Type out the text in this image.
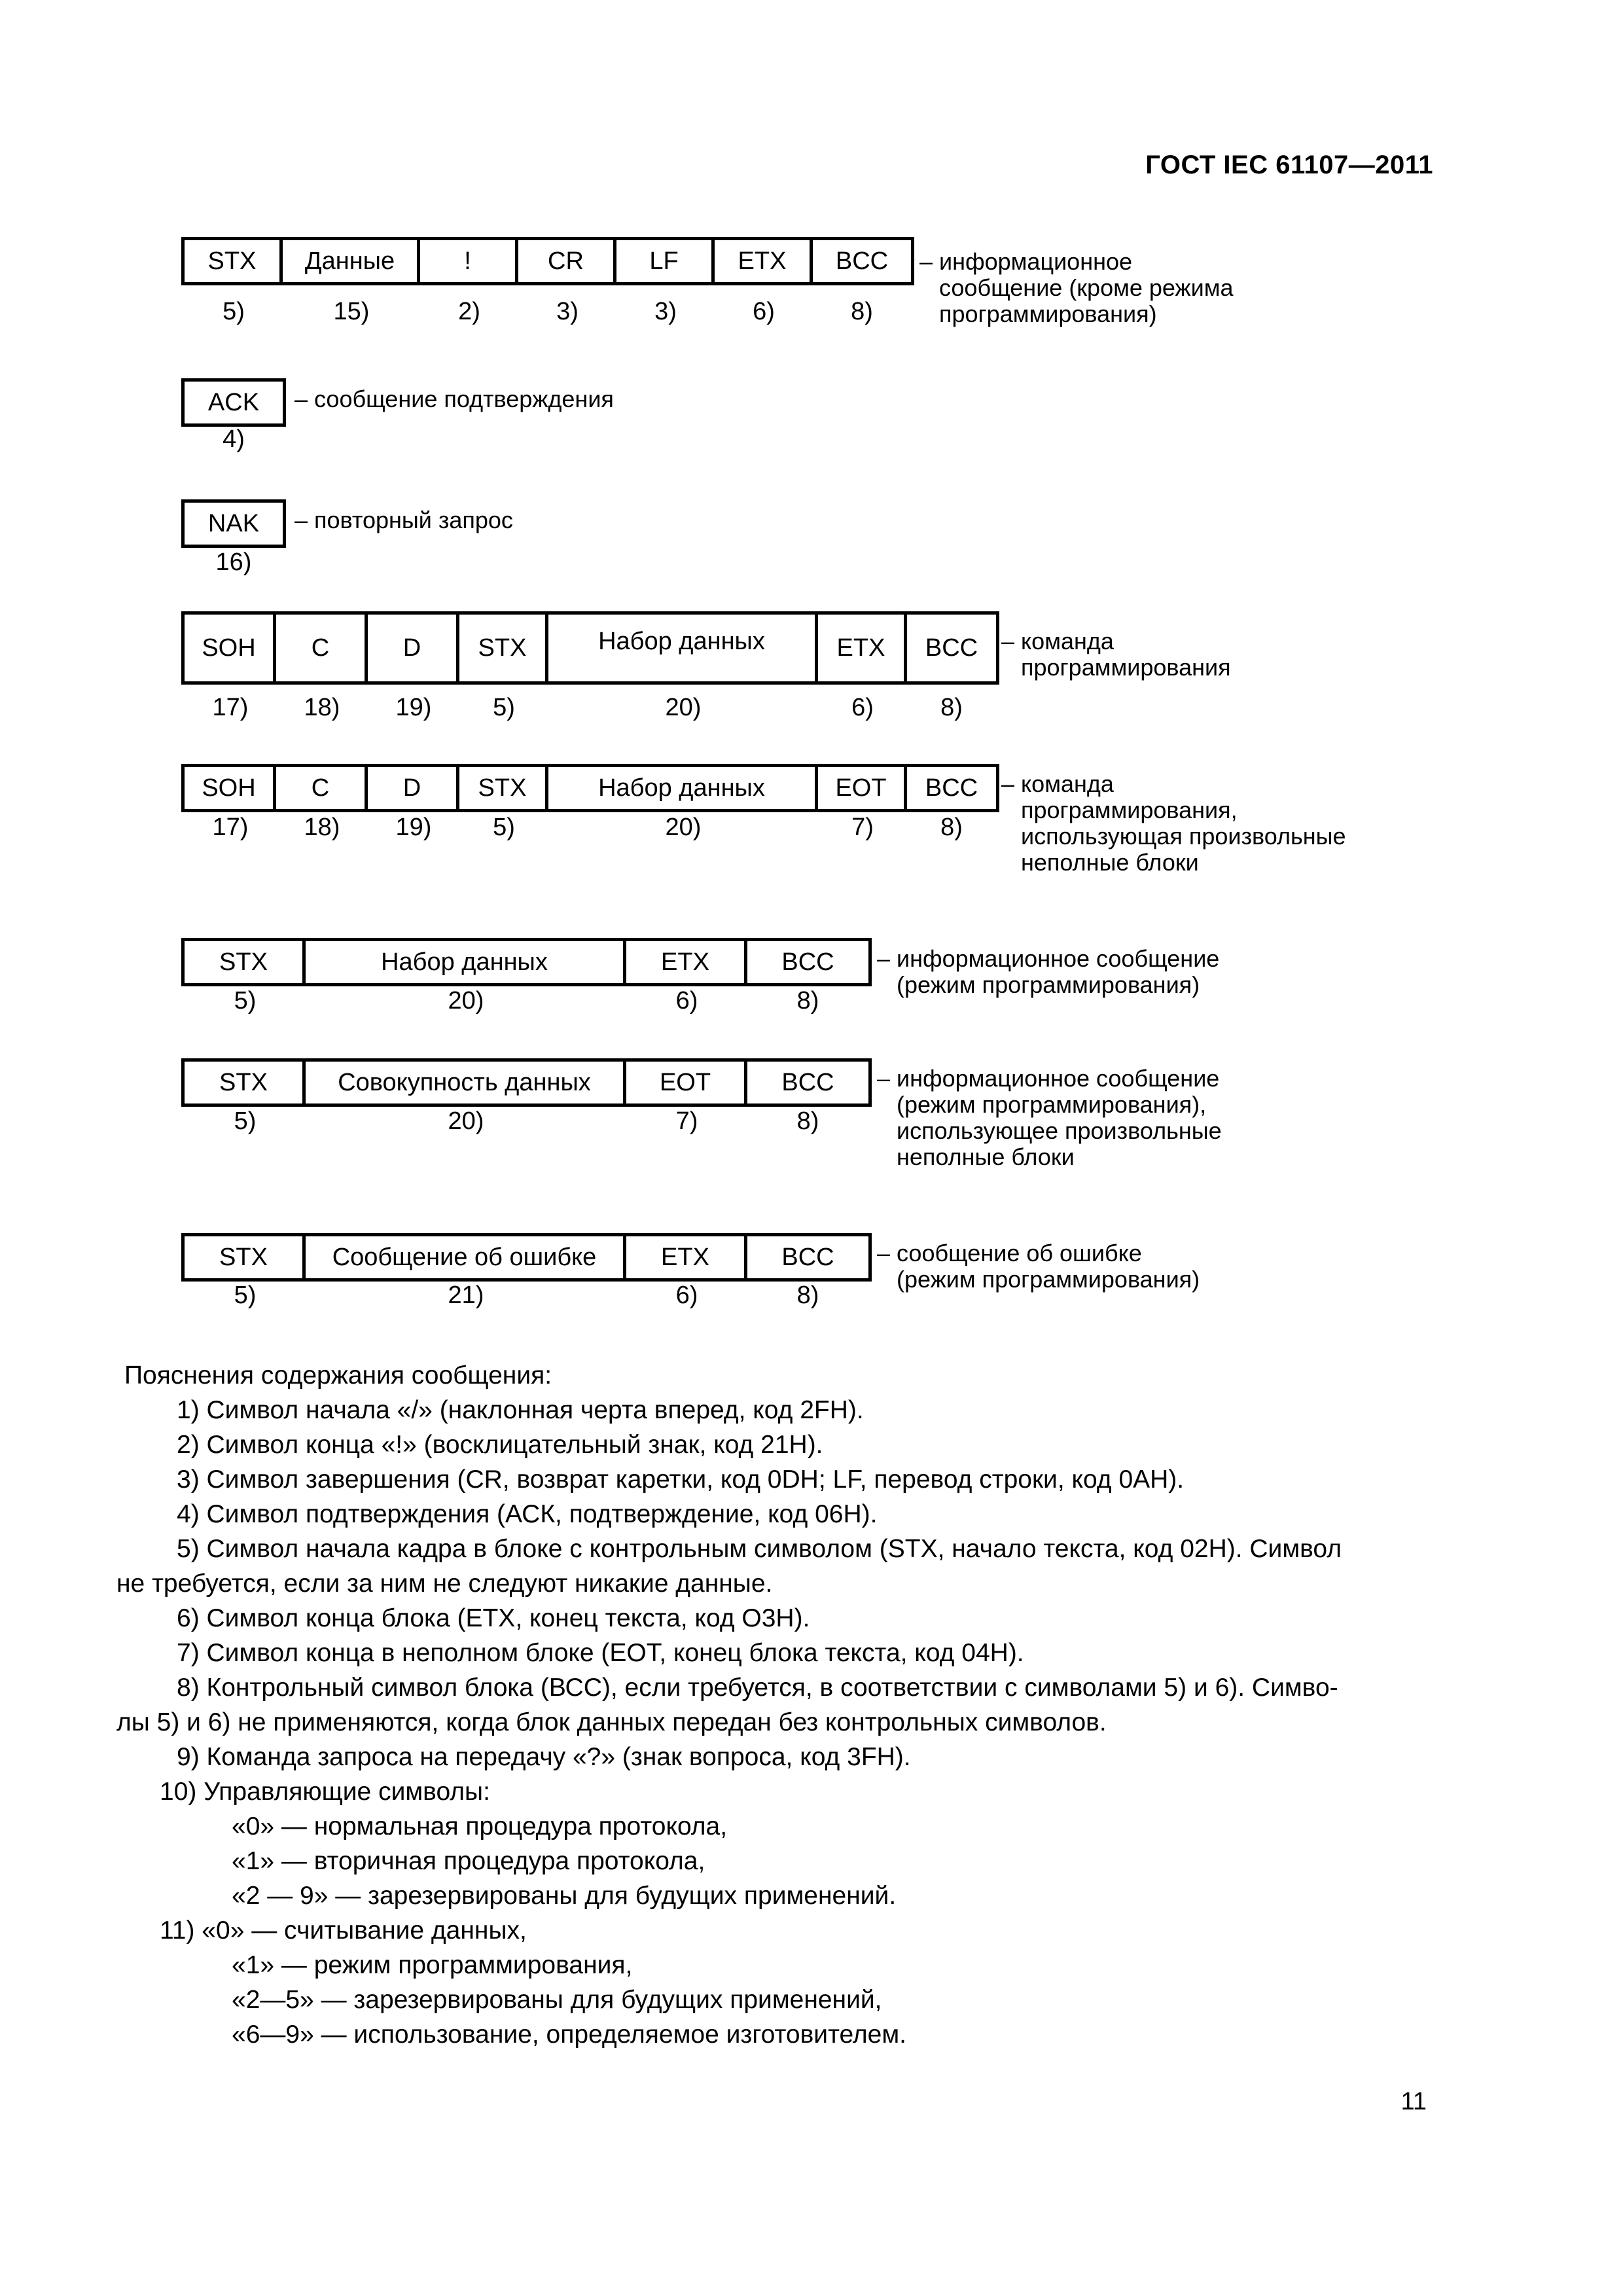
ГОСТ IEC 61107—2011
STX	Данные	!	CR	LF	ETX	BCC
5)	15)	2)	3)	3)	6)	8)
– информационное
сообщение (кроме режима
программирования)
ACK
4)
– сообщение подтверждения
NAK
16)
– повторный запрос
SOH	C	D	STX	Набор данных	ETX	BCC
17)	18)	19)	5)	20)	6)	8)
– команда
программирования
SOH	C	D	STX	Набор данных	EOT	BCC
17)	18)	19)	5)	20)	7)	8)
– команда
программирования,
использующая произвольные
неполные блоки
STX	Набор данных	ETX	BCC
5)	20)	6)	8)
– информационное сообщение
(режим программирования)
STX	Совокупность данных	EOT	BCC
5)	20)	7)	8)
– информационное сообщение
(режим программирования),
использующее произвольные
неполные блоки
STX	Сообщение об ошибке	ETX	BCC
5)	21)	6)	8)
– сообщение об ошибке
(режим программирования)
Пояснения содержания сообщения:
1) Символ начала «/» (наклонная черта вперед, код 2FH).
2) Символ конца «!» (восклицательный знак, код 21H).
3) Символ завершения (CR, возврат каретки, код 0DH; LF, перевод строки, код 0AH).
4) Символ подтверждения (АСК, подтверждение, код 06H).
5) Символ начала кадра в блоке с контрольным символом (STX, начало текста, код 02H). Символ
не требуется, если за ним не следуют никакие данные.
6) Символ конца блока (ETX, конец текста, код О3H).
7) Символ конца в неполном блоке (EOT, конец блока текста, код 04H).
8) Контрольный символ блока (ВСС), если требуется, в соответствии с символами 5) и 6). Симво-
лы 5) и 6) не применяются, когда блок данных передан без контрольных символов.
9) Команда запроса на передачу «?» (знак вопроса, код 3FH).
10) Управляющие символы:
«0» — нормальная процедура протокола,
«1» — вторичная процедура протокола,
«2 — 9» — зарезервированы для будущих применений.
11) «0» — считывание данных,
«1» — режим программирования,
«2—5» — зарезервированы для будущих применений,
«6—9» — использование, определяемое изготовителем.
11
